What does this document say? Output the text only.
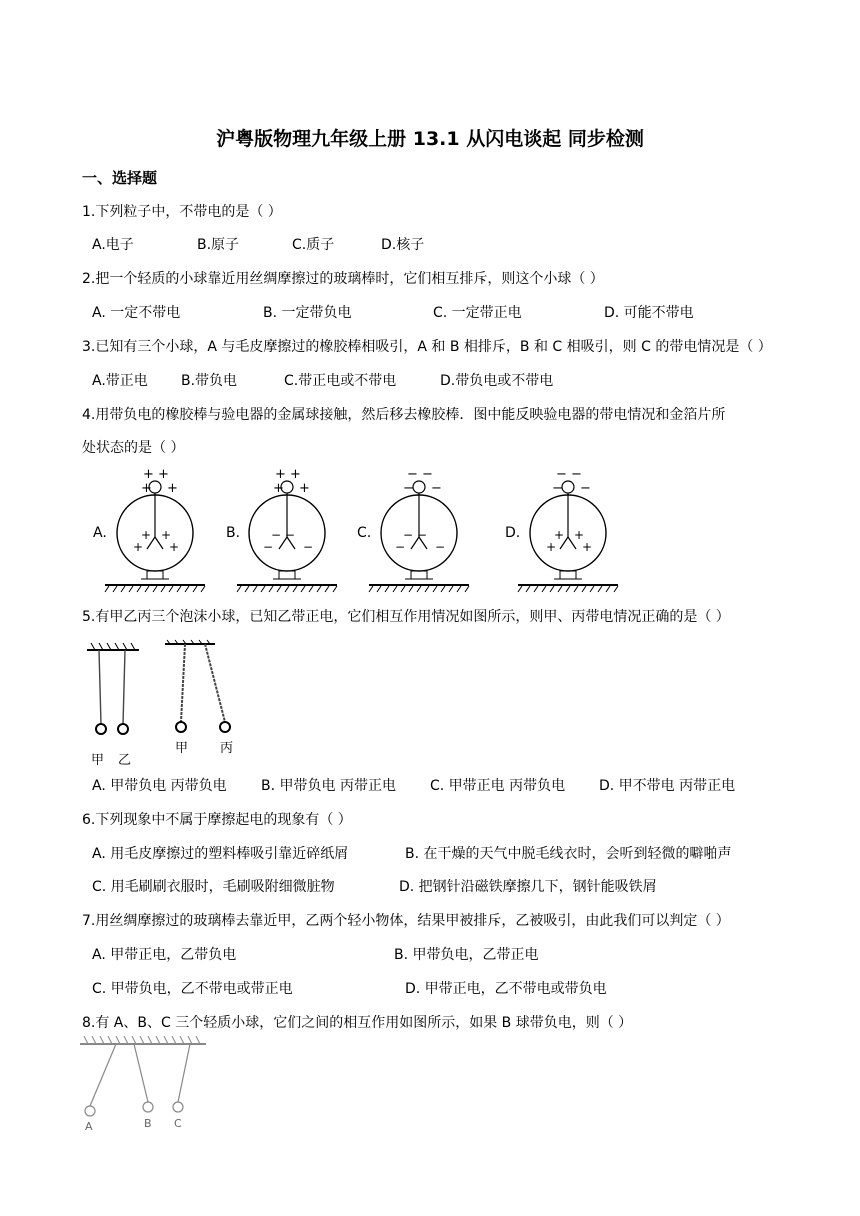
沪粤版物理九年级上册 13.1 从闪电谈起 同步检测
一、选择题
1.下列粒子中，不带电的是（ ）
A.电子	B.原子	C.质子	D.核子
2.把一个轻质的小球靠近用丝绸摩擦过的玻璃棒时，它们相互排斥，则这个小球（ ）
A. 一定不带电	B. 一定带负电	C. 一定带正电	D. 可能不带电
3.已知有三个小球，A 与毛皮摩擦过的橡胶棒相吸引，A 和 B 相排斥，B 和 C 相吸引，则 C 的带电情况是（ ）
A.带正电 B.带负电	C.带正电或不带电	D.带负电或不带电
4.用带负电的橡胶棒与验电器的金属球接触，然后移去橡胶棒．图中能反映验电器的带电情况和金箔片所
处状态的是（ ）
A.
+ +
+ +
+ +
+ +
B.
+ +
+ +
− −
− −
C.
− −
− −
− −
− −
D.
− −
− −
+ +
+ +
5.有甲乙丙三个泡沫小球，已知乙带正电，它们相互作用情况如图所示，则甲、丙带电情况正确的是（ ）
甲 乙
甲 丙
A. 甲带负电 丙带负电 B. 甲带负电 丙带正电 C. 甲带正电 丙带负电 D. 甲不带电 丙带正电
6.下列现象中不属于摩擦起电的现象有（ ）
A. 用毛皮摩擦过的塑料棒吸引靠近碎纸屑	B. 在干燥的天气中脱毛线衣时，会听到轻微的噼啪声
C. 用毛刷刷衣服时，毛刷吸附细微脏物	D. 把钢针沿磁铁摩擦几下，钢针能吸铁屑
7.用丝绸摩擦过的玻璃棒去靠近甲，乙两个轻小物体，结果甲被排斥，乙被吸引，由此我们可以判定（ ）
A. 甲带正电，乙带负电	B. 甲带负电，乙带正电
C. 甲带负电，乙不带电或带正电	D. 甲带正电，乙不带电或带负电
8.有 A、B、C 三个轻质小球，它们之间的相互作用如图所示，如果 B 球带负电，则（ ）
A	B C
